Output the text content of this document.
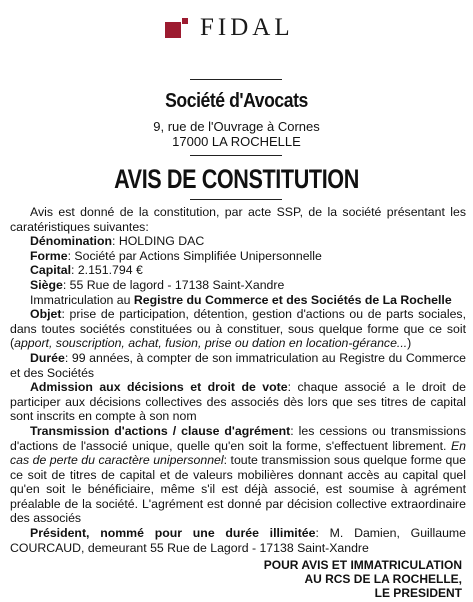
FIDAL
Société d'Avocats
9, rue de l'Ouvrage à Cornes
17000 LA ROCHELLE
AVIS DE CONSTITUTION

Avis est donné de la constitution, par acte SSP, de la société présentant les caratéristiques suivantes:

Dénomination: HOLDING DAC

Forme: Société par Actions Simplifiée Unipersonnelle

Capital: 2.151.794 €

Siège: 55 Rue de lagord - 17138 Saint-Xandre

Immatriculation au Registre du Commerce et des Sociétés de La Rochelle

Objet: prise de participation, détention, gestion d'actions ou de parts sociales, dans toutes sociétés constituées ou à constituer, sous quelque forme que ce soit (apport, souscription, achat, fusion, prise ou dation en location-gérance...)

Durée: 99 années, à compter de son immatriculation au Registre du Commerce et des Sociétés

Admission aux décisions et droit de vote: chaque associé a le droit de participer aux décisions collectives des associés dès lors que ses titres de capital sont inscrits en compte à son nom

Transmission d'actions / clause d'agrément: les cessions ou transmissions d'actions de l'associé unique, quelle qu'en soit la forme, s'effectuent librement. En cas de perte du caractère unipersonnel: toute transmission sous quelque forme que ce soit de titres de capital et de valeurs mobilières donnant accès au capital quel qu'en soit le bénéficiaire, même s'il est déjà associé, est soumise à agrément préalable de la société. L'agrément est donné par décision collective extraordinaire des associés

Président, nommé pour une durée illimitée: M. Damien, Guillaume COURCAUD, demeurant 55 Rue de Lagord - 17138 Saint-Xandre

POUR AVIS ET IMMATRICULATION
AU RCS DE LA ROCHELLE,
LE PRESIDENT
